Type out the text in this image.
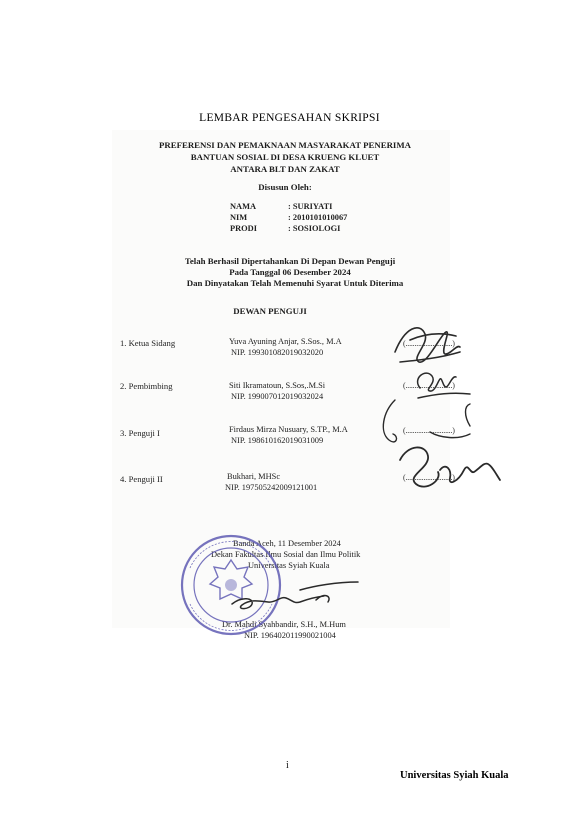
LEMBAR PENGESAHAN SKRIPSI
PREFERENSI DAN PEMAKNAAN MASYARAKAT PENERIMA
BANTUAN SOSIAL DI DESA KRUENG KLUET
ANTARA BLT DAN ZAKAT
Disusun Oleh:
NAMA	: SURIYATI
NIM	: 2010101010067
PRODI	: SOSIOLOGI
Telah Berhasil Dipertahankan Di Depan Dewan Penguji
Pada Tanggal 06 Desember 2024
Dan Dinyatakan Telah Memenuhi Syarat Untuk Diterima
DEWAN PENGUJI
1. Ketua Sidang	Yuva Ayuning Anjar, S.Sos., M.A
NIP. 199301082019032020
(..........................)
2. Pembimbing	Siti Ikramatoun, S.Sos,.M.Si
NIP. 199007012019032024
(..........................)
3. Penguji I	Firdaus Mirza Nusuary, S.TP., M.A
NIP. 198610162019031009
(..........................)
4. Penguji II	Bukhari, MHSc
NIP. 197505242009121001
(..........................)
Banda Aceh, 11 Desember 2024
Dekan Fakultas Ilmu Sosial dan Ilmu Politik
Universitas Syiah Kuala
Dr. Mahdi Syahbandir, S.H., M.Hum
NIP. 196402011990021004
i
Universitas Syiah Kuala
